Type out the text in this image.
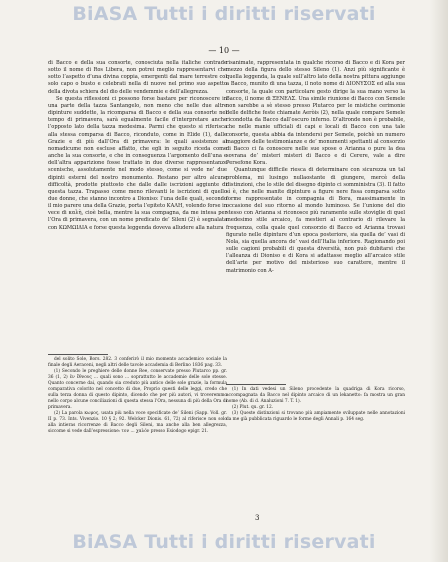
BiASA Tutti i diritti riservati
— 10 —

di Bacco e della sua consorte, conosciuta nella italiche contrade sotto il nome di Ros Libera, non potrei meglio rappresentarvi che sotto l’aspetto d’una divina coppia, emergenti dal mare terrestre col solo capo o busto e celebrati nella di nuove nel primo suo aspetto della divota schiera del dio delle vendemmie e dell’allegrezza.

Se questa riflessioni ci possono forse bastare per riconoscere in una parte della tazza Santangelo, non meno che nelle due altre dipinture suddette, la ricomparsa di Bacco e della sua consorte nel tempo di primavera, sarà egualmente facile d’interpretare anche l’opposto lato della tazza medesima. Parmi che questo si riferisca alla stessa comparsa di Bacco, riconduto, come in Elide (1), dalle Grazie e di più dall’Ora di primavera: le quali assistenze al nomadicume non escluse affatto, che egli in seguito riceda come anche la sua consorte, e che in conseguenza l’argomento dell’una e dell’altra apparizione fosse trattato in due diverse rappresentanze scenische, assolutamente nel modo stesso, come si vede ne’ due dipinti esterni del nostro monumento. Restano per altro alcune difficoltà, prodotte piuttosto che dalle dalle iscrizioni aggiunte di questa tazza. Trapasso come meno rilevanti le iscrizioni di quello due donne, che stanno incontro a Dioniso: l’una delle quali, secondo il mio parere una della Grazie, porta l’epiteto ΚΑΛΗ, volendo forse in vece di καλὴ, cioè bella, mentre la sua compagna, da me intesa per l’Ora di primavera, con un nome predicato de’ Sileni (2) è segnalata con ΚΩΜΩΙΔΙΑ e forse questa leggenda doveva alludere alla natura

del solito Sole, Bors. 282. 3 conferirò il mio momento accademico sociale la finale degli Aeraceni, negli altri delle tavole accademia di Berlino 1836 pag. 33.

(1) Secondo le preghiere delle donne Ree, conservate presso Plutarco pp. gr. 36 (1, 2) ἐν ἔθνους ... quali sono ... soprattutto le accademie delle sole stesse. Quanto concerne dai, quando sia creduto più antico delle sole grazie, la formula comparativa colorito nel concetto di due, Proprio questi delle leggi, credo che sulla terza donna di questo dipinto, dicendo che per più autori, vi troveremmo nello corpo alcune conciliazioni di questa stessa l’Ora, nessuna di più della Ora di primavera.

(2) La parola κωμος, usata più nella voce specificate de’ Sileni (Sapp. Voll. gr. II p. 73. Ints. Vivenzio. 10 § 2; 92. Welcker Dionis. 61, 72) al riferisce non solo alla intieras ricorrenze di Bacco degli Sileni, ma anche alla ben allegrezza, siccome si vede dall’espressione: τον ... χαλόν presso Esiodogo epigr. 21.

risanimate, rappresentata in qualche ricorso di Bacco e di Kora per mezzo della figura dello stesso Sileno (1). Anzi più significante è quella leggenda, la quale sull’altro lato della nostra pittura aggiunge a Bacco, munito di una tazza, il noto nome di ΔΙΟΝΥΣΟΣ ed alla sua consorte, la quale con particolare gesto dirige la sua mano verso la Bacco, il nome di ΞΕΝΕΛΣ. Una simile riunione di Bacco con Semele non sarebbe a sè stesso presso Plutarco per le mistiche cerimonie delle delfiche feste chiamate Aeròis (2), nella quale compare Semele ricondotta da Bacco dall’oscuro inferno. D’altronde non è probabile, che nelle manie ufficiali di capi e locali di Bacco con una tale consorte, questa abbia da intendersi per Semele, poichè un numero maggiore delle testimonianze e de’ monumenti spettanti al consorzio di Bacco ci fa conoscere nelle sue spose o Arianna o pure la dea sovrana de’ misteri misteri di Bacco e di Cerere, vale a dire Persefone Kora.

Quantunque difficile riesca di determinare con sicurezza un tal problema, mi lusingo nullaostante di giungere, mercè della distinzioni, che lo stile del disegno dipinto ci somministra (3). Il fatto sì è, che nelle manite dipinture a figure nere fissa comparsa sotto forme rappresentate in compagnia di Bora, massimamente in occasione del suo ritorno al mondo luminoso. Se l’unione del dio stesso con Arianna si riconosce più raramente sulle stoviglie di quel medesimo stile arcaico, fa mestieri al contrario di rilevare la frequenza, colla quale quel consorzio di Bacco ed Arianna trovasi figurato nelle dipinture d’un epoca posteriore, sia quella de’ vasi di Nola, sia quella ancora de’ vasi dell’Italia inferiore. Ragionando poi sulle cagioni probabili di questa diversità, non può dubitarsi che l’alleanza di Dioniso e di Kora si adattasse meglio all’arcaico stile dell’arte per motivo del misterioso suo carattere, mentre il matrimonio con A-

(1) In dati vedesi un Sileno procedente la quadriga di Kora ricorso, accompagnata da Bacco nel dipinto arcaico di un lekanetto: fa mostra un gran nome (Ab. di d. Analuzioni 7. T. 1).

(2) Plut. qu. gr. 12.

(3) Queste distinzioni si trovano più ampiamente sviluppate nelle annotazioni da me già pubblicata riguardo le forme degli Annali p. 164 seg.

3
BiASA Tutti i diritti riservati
